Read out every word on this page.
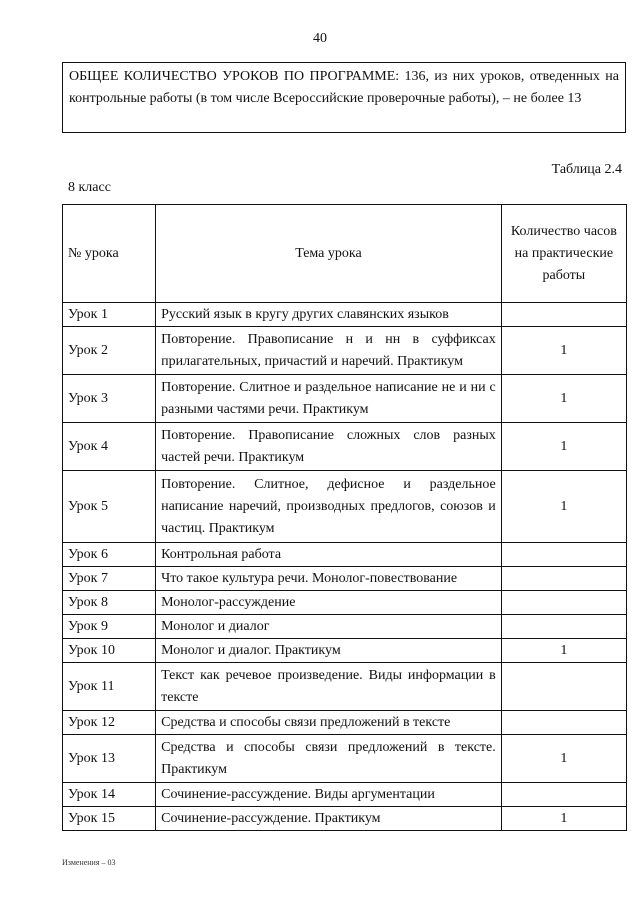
40
ОБЩЕЕ КОЛИЧЕСТВО УРОКОВ ПО ПРОГРАММЕ: 136, из них уроков, отведенных на контрольные работы (в том числе Всероссийские проверочные работы), – не более 13
Таблица 2.4
8 класс
№ урока	Тема урока	Количество часов на практические работы
Урок 1	Русский язык в кругу других славянских языков	
Урок 2	Повторение. Правописание н и нн в суффиксах прилагательных, причастий и наречий. Практикум	1
Урок 3	Повторение. Слитное и раздельное написание не и ни с разными частями речи. Практикум	1
Урок 4	Повторение. Правописание сложных слов разных частей речи. Практикум	1
Урок 5	Повторение. Слитное, дефисное и раздельное написание наречий, производных предлогов, союзов и частиц. Практикум	1
Урок 6	Контрольная работа	
Урок 7	Что такое культура речи. Монолог-повествование	
Урок 8	Монолог-рассуждение	
Урок 9	Монолог и диалог	
Урок 10	Монолог и диалог. Практикум	1
Урок 11	Текст как речевое произведение. Виды информации в тексте	
Урок 12	Средства и способы связи предложений в тексте	
Урок 13	Средства и способы связи предложений в тексте. Практикум	1
Урок 14	Сочинение-рассуждение. Виды аргументации	
Урок 15	Сочинение-рассуждение. Практикум	1
Изменения – 03
